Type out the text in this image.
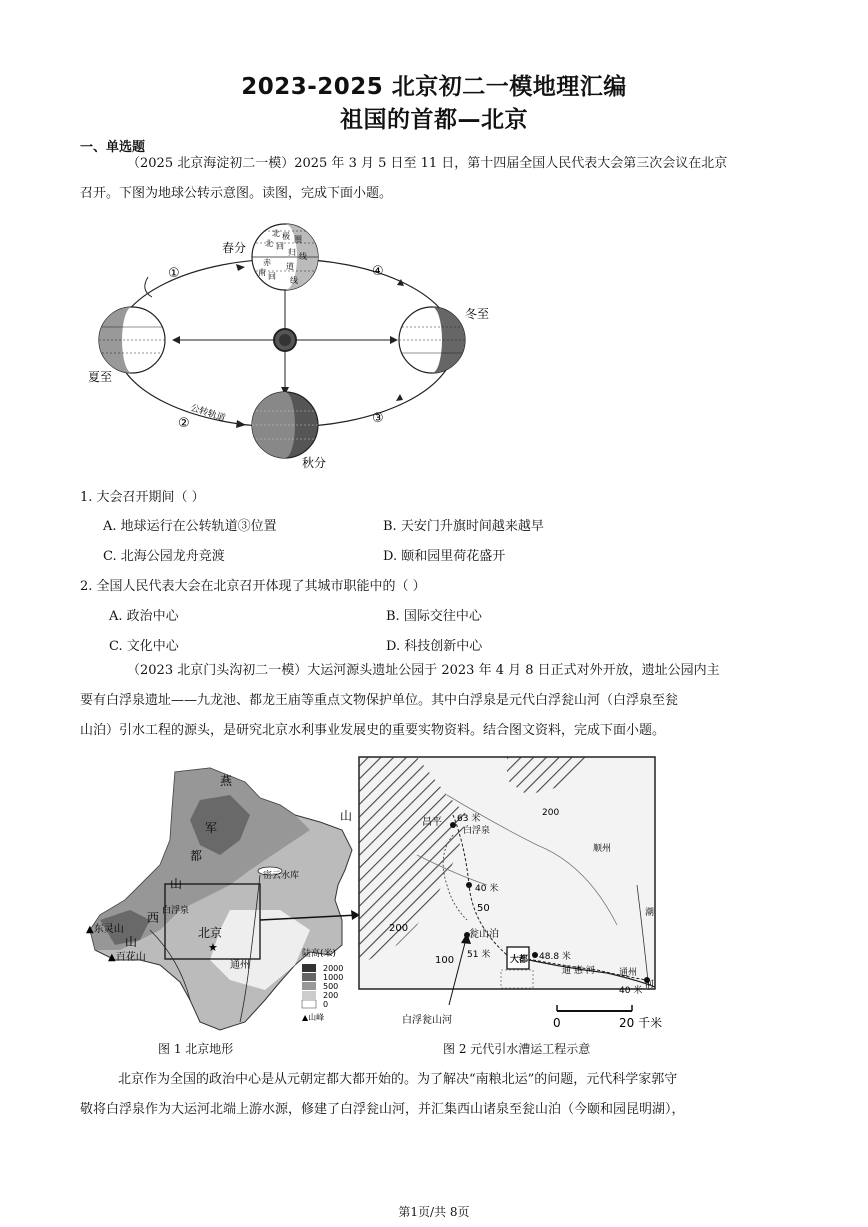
2023-2025 北京初二一模地理汇编
祖国的首都—北京
一、单选题
（2025 北京海淀初二一模）2025 年 3 月 5 日至 11 日，第十四届全国人民代表大会第三次会议在北京
召开。下图为地球公转示意图。读图，完成下面小题。
北 极 圈
北 回
归
赤 道
线
南 回 线
春分
夏至
秋分
冬至
公转轨道
①
②	③
④
1. 大会召开期间（ ）
A. 地球运行在公转轨道③位置	B. 天安门升旗时间越来越早
C. 北海公园龙舟竞渡	D. 颐和园里荷花盛开
2. 全国人民代表大会在北京召开体现了其城市职能中的（ ）
A. 政治中心	B. 国际交往中心
C. 文化中心	D. 科技创新中心
（2023 北京门头沟初二一模）大运河源头遗址公园于 2023 年 4 月 8 日正式对外开放，遗址公园内主
要有白浮泉遗址——九龙池、都龙王庙等重点文物保护单位。其中白浮泉是元代白浮瓮山河（白浮泉至瓮
山泊）引水工程的源头，是研究北京水利事业发展史的重要实物资料。结合图文资料，完成下面小题。
燕
山
军
都
山
西
山
▲东灵山
▲百花山
白浮泉
密云水库
北京
★
通州
陆高(米)
2000
1000
500
200
0
▲山峰
昌平
白浮泉
63 米
40 米
50
200
200
100
瓮山泊
51 米 大都 48.8 米
通 惠 河	通州
40 米
顺州
潮
河
白浮瓮山河	0	20 千米
图 1 北京地形	图 2 元代引水漕运工程示意
北京作为全国的政治中心是从元朝定都大都开始的。为了解决“南粮北运”的问题，元代科学家郭守
敬将白浮泉作为大运河北端上游水源，修建了白浮瓮山河，并汇集西山诸泉至瓮山泊（今颐和园昆明湖），
第1页/共 8页
